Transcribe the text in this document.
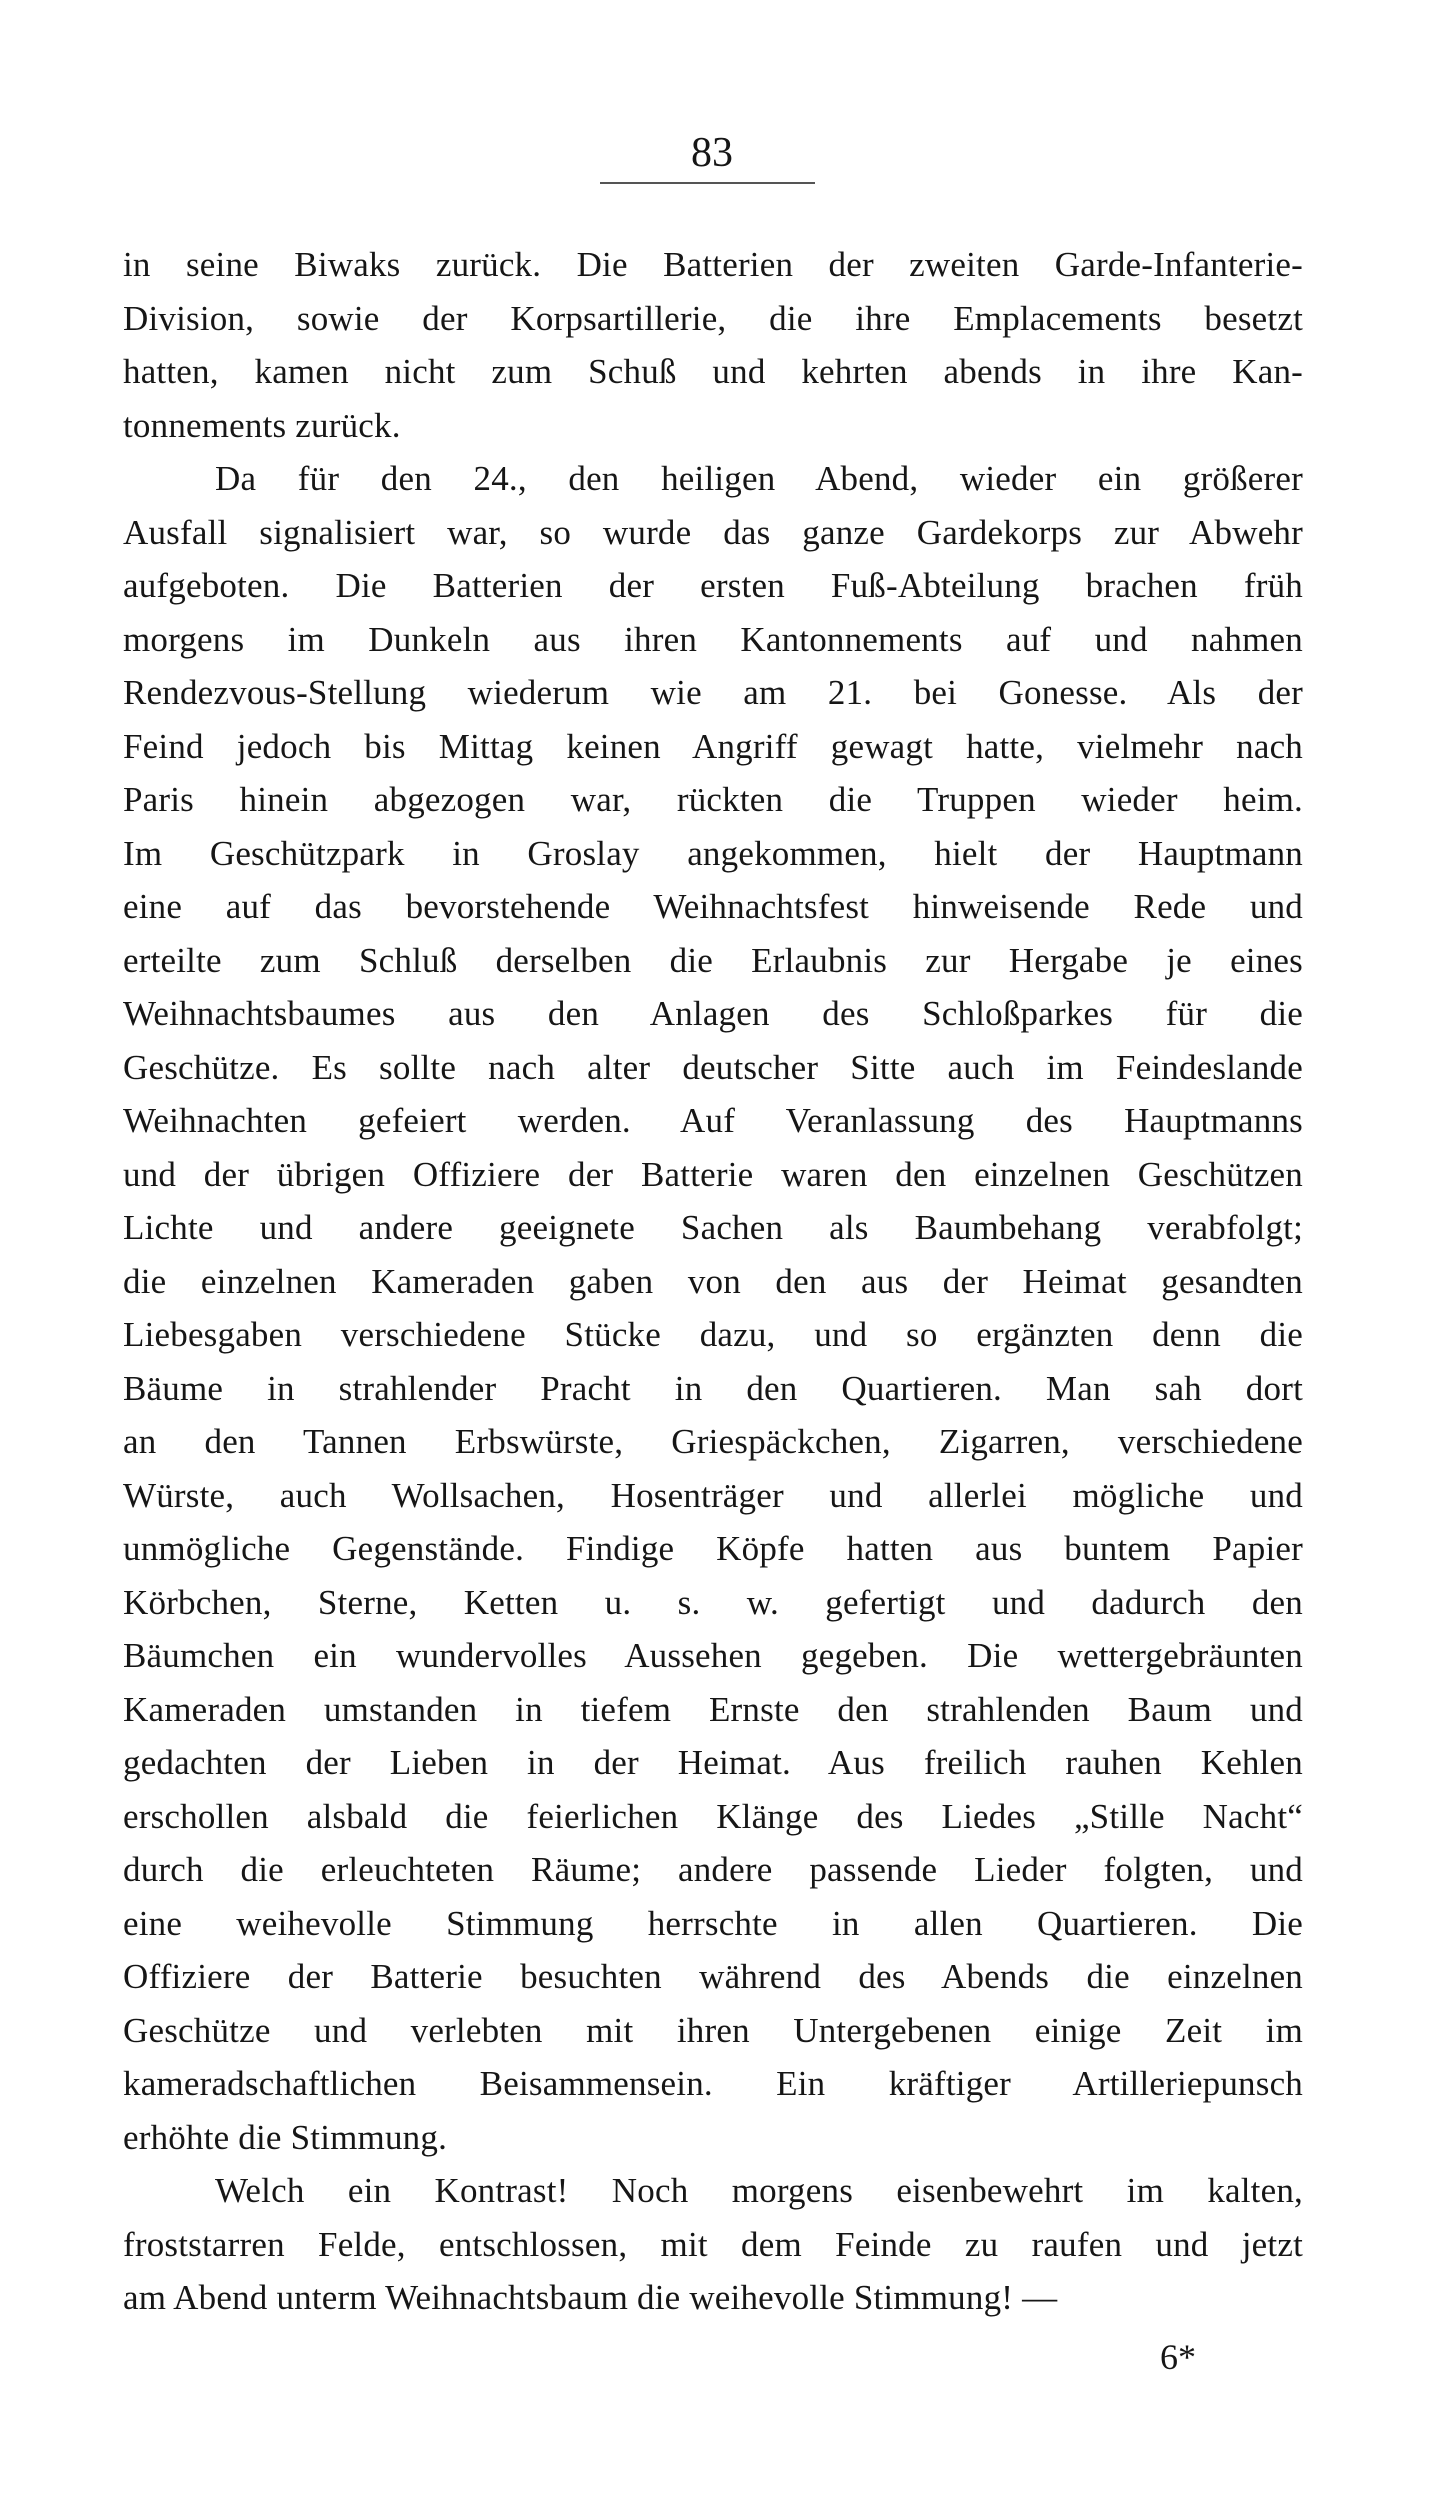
83
in seine Biwaks zurück. Die Batterien der zweiten Garde-Infanterie-
Division, sowie der Korpsartillerie, die ihre Emplacements besetzt
hatten, kamen nicht zum Schuß und kehrten abends in ihre Kan-
tonnements zurück.
Da für den 24., den heiligen Abend, wieder ein größerer
Ausfall signalisiert war, so wurde das ganze Gardekorps zur Abwehr
aufgeboten. Die Batterien der ersten Fuß-Abteilung brachen früh
morgens im Dunkeln aus ihren Kantonnements auf und nahmen
Rendezvous-Stellung wiederum wie am 21. bei Gonesse. Als der
Feind jedoch bis Mittag keinen Angriff gewagt hatte, vielmehr nach
Paris hinein abgezogen war, rückten die Truppen wieder heim.
Im Geschützpark in Groslay angekommen, hielt der Hauptmann
eine auf das bevorstehende Weihnachtsfest hinweisende Rede und
erteilte zum Schluß derselben die Erlaubnis zur Hergabe je eines
Weihnachtsbaumes aus den Anlagen des Schloßparkes für die
Geschütze. Es sollte nach alter deutscher Sitte auch im Feindeslande
Weihnachten gefeiert werden. Auf Veranlassung des Hauptmanns
und der übrigen Offiziere der Batterie waren den einzelnen Geschützen
Lichte und andere geeignete Sachen als Baumbehang verabfolgt;
die einzelnen Kameraden gaben von den aus der Heimat gesandten
Liebesgaben verschiedene Stücke dazu, und so ergänzten denn die
Bäume in strahlender Pracht in den Quartieren. Man sah dort
an den Tannen Erbswürste, Griespäckchen, Zigarren, verschiedene
Würste, auch Wollsachen, Hosenträger und allerlei mögliche und
unmögliche Gegenstände. Findige Köpfe hatten aus buntem Papier
Körbchen, Sterne, Ketten u. s. w. gefertigt und dadurch den
Bäumchen ein wundervolles Aussehen gegeben. Die wettergebräunten
Kameraden umstanden in tiefem Ernste den strahlenden Baum und
gedachten der Lieben in der Heimat. Aus freilich rauhen Kehlen
erschollen alsbald die feierlichen Klänge des Liedes „Stille Nacht“
durch die erleuchteten Räume; andere passende Lieder folgten, und
eine weihevolle Stimmung herrschte in allen Quartieren. Die
Offiziere der Batterie besuchten während des Abends die einzelnen
Geschütze und verlebten mit ihren Untergebenen einige Zeit im
kameradschaftlichen Beisammensein. Ein kräftiger Artilleriepunsch
erhöhte die Stimmung.
Welch ein Kontrast! Noch morgens eisenbewehrt im kalten,
froststarren Felde, entschlossen, mit dem Feinde zu raufen und jetzt
am Abend unterm Weihnachtsbaum die weihevolle Stimmung! —
6*
